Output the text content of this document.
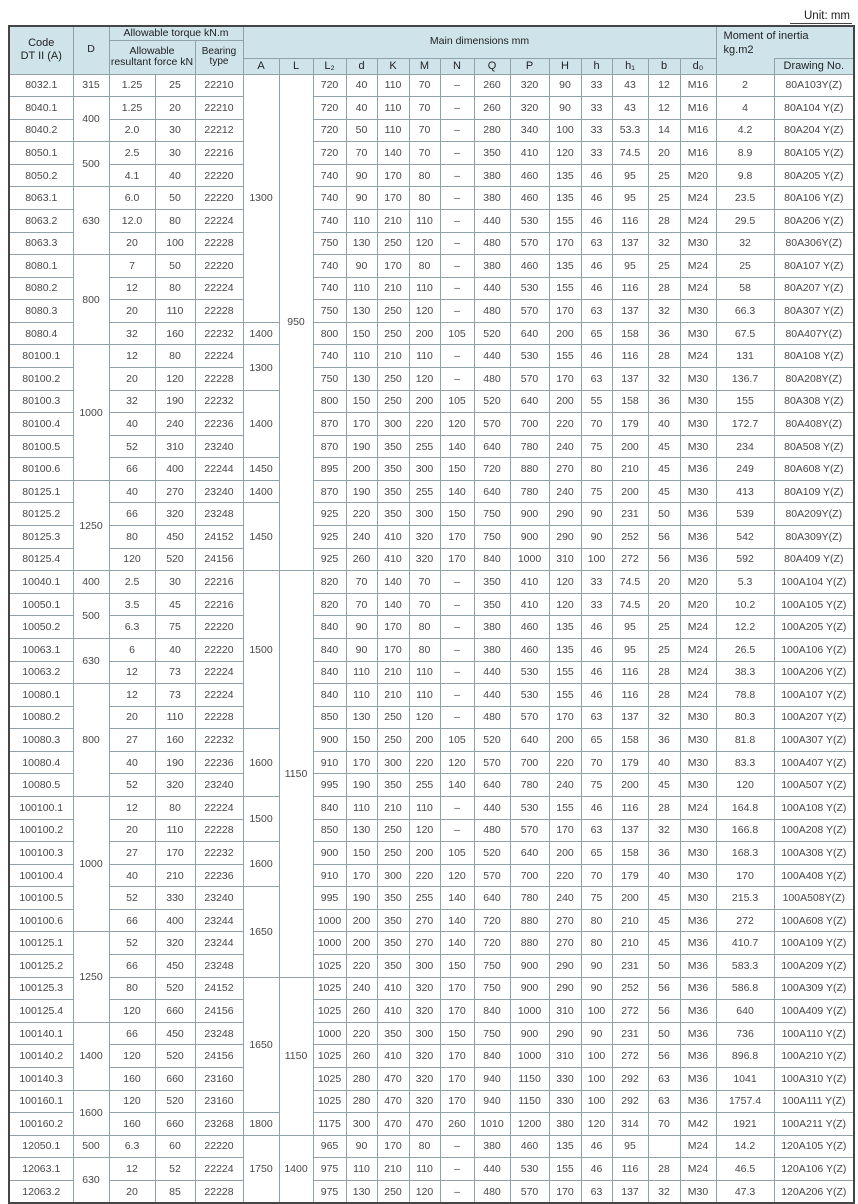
Unit: mm
Code
DT II (A)	D	Allowable torque kN.m			Main dimensions mm														Moment of inertia
kg.m2	
		Allowable resultant force kN		Bearing type																
					A	L	L₂	d	K	M	N	Q	P	H	h	h₁	b	d₀		Drawing No.
8032.1	315	1.25	25	22210	1300	950	720	40	110	70	–	260	320	90	33	43	12	M16	2	80A103Y(Z)
8040.1	400	1.25	20	22210			720	40	110	70	–	260	320	90	33	43	12	M16	4	80A104 Y(Z)
8040.2		2.0	30	22212			720	50	110	70	–	280	340	100	33	53.3	14	M16	4.2	80A204 Y(Z)
8050.1	500	2.5	30	22216			720	70	140	70	–	350	410	120	33	74.5	20	M16	8.9	80A105 Y(Z)
8050.2		4.1	40	22220			740	90	170	80	–	380	460	135	46	95	25	M20	9.8	80A205 Y(Z)
8063.1	630	6.0	50	22220			740	90	170	80	–	380	460	135	46	95	25	M24	23.5	80A106 Y(Z)
8063.2		12.0	80	22224			740	110	210	110	–	440	530	155	46	116	28	M24	29.5	80A206 Y(Z)
8063.3		20	100	22228			750	130	250	120	–	480	570	170	63	137	32	M30	32	80A306Y(Z)
8080.1	800	7	50	22220			740	90	170	80	–	380	460	135	46	95	25	M24	25	80A107 Y(Z)
8080.2		12	80	22224			740	110	210	110	–	440	530	155	46	116	28	M24	58	80A207 Y(Z)
8080.3		20	110	22228			750	130	250	120	–	480	570	170	63	137	32	M30	66.3	80A307 Y(Z)
8080.4		32	160	22232	1400		800	150	250	200	105	520	640	200	65	158	36	M30	67.5	80A407Y(Z)
80100.1	1000	12	80	22224	1300		740	110	210	110	–	440	530	155	46	116	28	M24	131	80A108 Y(Z)
80100.2		20	120	22228			750	130	250	120	–	480	570	170	63	137	32	M30	136.7	80A208Y(Z)
80100.3		32	190	22232	1400		800	150	250	200	105	520	640	200	55	158	36	M30	155	80A308 Y(Z)
80100.4		40	240	22236			870	170	300	220	120	570	700	220	70	179	40	M30	172.7	80A408Y(Z)
80100.5		52	310	23240			870	190	350	255	140	640	780	240	75	200	45	M30	234	80A508 Y(Z)
80100.6		66	400	22244	1450		895	200	350	300	150	720	880	270	80	210	45	M36	249	80A608 Y(Z)
80125.1	1250	40	270	23240	1400		870	190	350	255	140	640	780	240	75	200	45	M30	413	80A109 Y(Z)
80125.2		66	320	23248	1450		925	220	350	300	150	750	900	290	90	231	50	M36	539	80A209Y(Z)
80125.3		80	450	24152			925	240	410	320	170	750	900	290	90	252	56	M36	542	80A309Y(Z)
80125.4		120	520	24156			925	260	410	320	170	840	1000	310	100	272	56	M36	592	80A409 Y(Z)
10040.1	400	2.5	30	22216	1500	1150	820	70	140	70	–	350	410	120	33	74.5	20	M20	5.3	100A104 Y(Z)
10050.1	500	3.5	45	22216			820	70	140	70	–	350	410	120	33	74.5	20	M20	10.2	100A105 Y(Z)
10050.2		6.3	75	22220			840	90	170	80	–	380	460	135	46	95	25	M24	12.2	100A205 Y(Z)
10063.1	630	6	40	22220			840	90	170	80	–	380	460	135	46	95	25	M24	26.5	100A106 Y(Z)
10063.2		12	73	22224			840	110	210	110	–	440	530	155	46	116	28	M24	38.3	100A206 Y(Z)
10080.1	800	12	73	22224			840	110	210	110	–	440	530	155	46	116	28	M24	78.8	100A107 Y(Z)
10080.2		20	110	22228			850	130	250	120	–	480	570	170	63	137	32	M30	80.3	100A207 Y(Z)
10080.3		27	160	22232	1600		900	150	250	200	105	520	640	200	65	158	36	M30	81.8	100A307 Y(Z)
10080.4		40	190	22236			910	170	300	220	120	570	700	220	70	179	40	M30	83.3	100A407 Y(Z)
10080.5		52	320	23240			995	190	350	255	140	640	780	240	75	200	45	M30	120	100A507 Y(Z)
100100.1	1000	12	80	22224	1500		840	110	210	110	–	440	530	155	46	116	28	M24	164.8	100A108 Y(Z)
100100.2		20	110	22228			850	130	250	120	–	480	570	170	63	137	32	M30	166.8	100A208 Y(Z)
100100.3		27	170	22232	1600		900	150	250	200	105	520	640	200	65	158	36	M30	168.3	100A308 Y(Z)
100100.4		40	210	22236			910	170	300	220	120	570	700	220	70	179	40	M30	170	100A408 Y(Z)
100100.5		52	330	23240	1650		995	190	350	255	140	640	780	240	75	200	45	M30	215.3	100A508Y(Z)
100100.6		66	400	23244			1000	200	350	270	140	720	880	270	80	210	45	M36	272	100A608 Y(Z)
100125.1	1250	52	320	23244			1000	200	350	270	140	720	880	270	80	210	45	M36	410.7	100A109 Y(Z)
100125.2		66	450	23248			1025	220	350	300	150	750	900	290	90	231	50	M36	583.3	100A209 Y(Z)
100125.3		80	520	24152	1650	1150	1025	240	410	320	170	750	900	290	90	252	56	M36	586.8	100A309 Y(Z)
100125.4		120	660	24156			1025	260	410	320	170	840	1000	310	100	272	56	M36	640	100A409 Y(Z)
100140.1	1400	66	450	23248			1000	220	350	300	150	750	900	290	90	231	50	M36	736	100A110 Y(Z)
100140.2		120	520	24156			1025	260	410	320	170	840	1000	310	100	272	56	M36	896.8	100A210 Y(Z)
100140.3		160	660	23160			1025	280	470	320	170	940	1150	330	100	292	63	M36	1041	100A310 Y(Z)
100160.1	1600	120	520	23160			1025	280	470	320	170	940	1150	330	100	292	63	M36	1757.4	100A111 Y(Z)
100160.2		160	660	23268	1800		1175	300	470	470	260	1010	1200	380	120	314	70	M42	1921	100A211 Y(Z)
12050.1	500	6.3	60	22220	1750	1400	965	90	170	80	–	380	460	135	46	95		M24	14.2	120A105 Y(Z)
12063.1	630	12	52	22224			975	110	210	110	–	440	530	155	46	116	28	M24	46.5	120A106 Y(Z)
12063.2		20	85	22228			975	130	250	120	–	480	570	170	63	137	32	M30	47.3	120A206 Y(Z)
